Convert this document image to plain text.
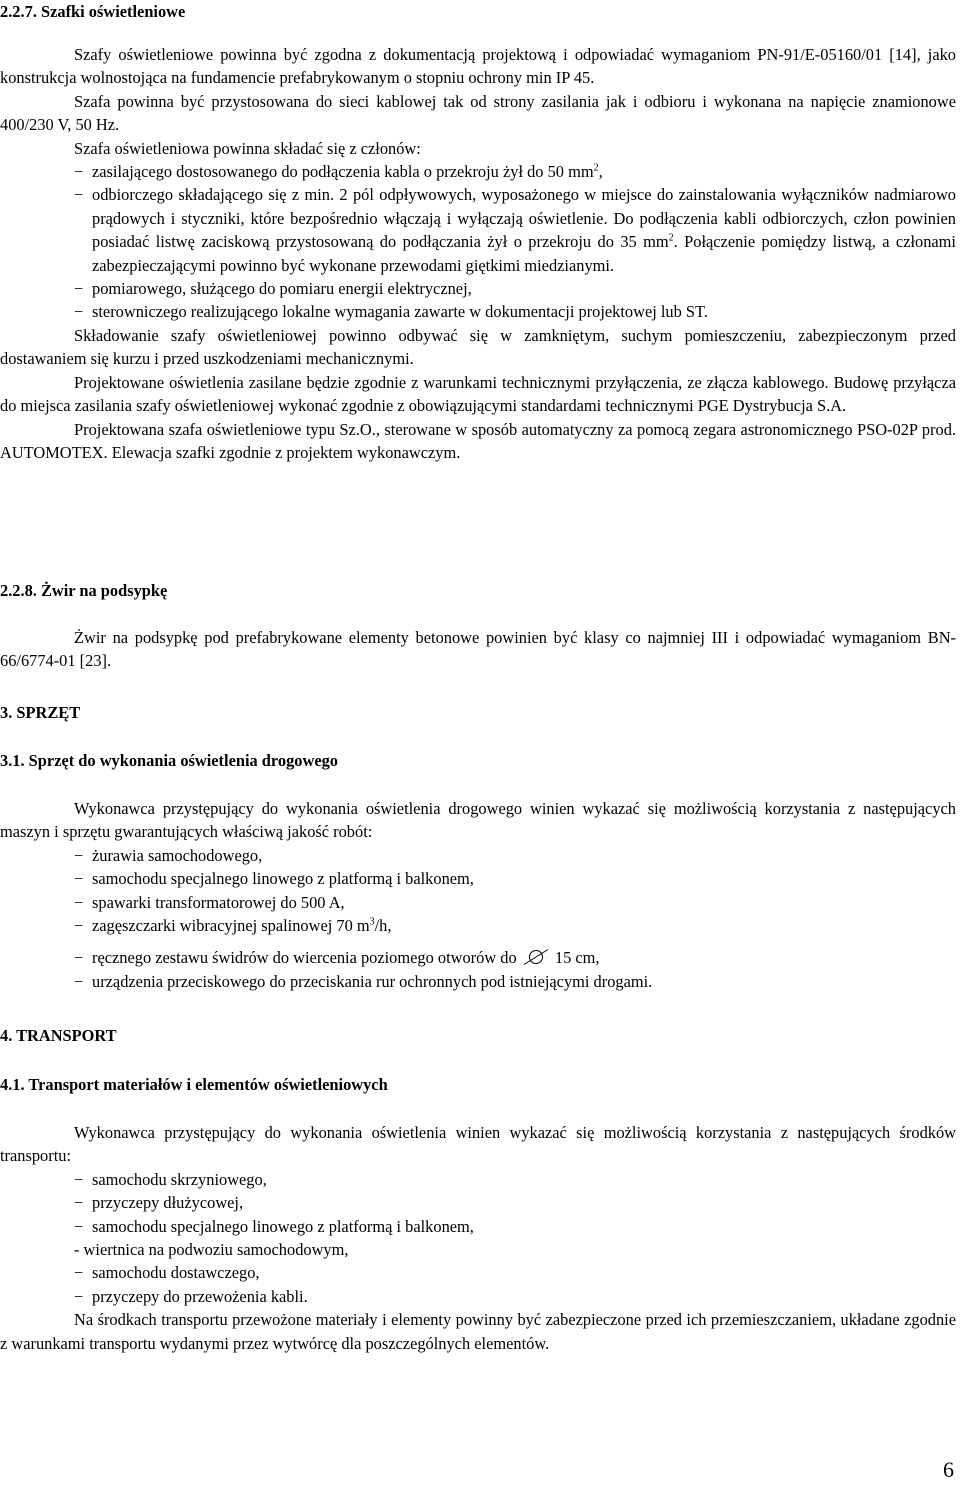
2.2.7. Szafki oświetleniowe

Szafy oświetleniowe powinna być zgodna z dokumentacją projektową i odpowiadać wymaganiom PN-91/E-05160/01 [14], jako konstrukcja wolnostojąca na fundamencie prefabrykowanym o stopniu ochrony min IP 45.

Szafa powinna być przystosowana do sieci kablowej tak od strony zasilania jak i odbioru i wykonana na napięcie znamionowe 400/230 V, 50 Hz.

Szafa oświetleniowa powinna składać się z członów:

− zasilającego dostosowanego do podłączenia kabla o przekroju żył do 50 $mm^2$,
− odbiorczego składającego się z min. 2 pól odpływowych, wyposażonego w miejsce do zainstalowania wyłączników nadmiarowo prądowych i styczniki, które bezpośrednio włączają i wyłączają oświetlenie. Do podłączenia kabli odbiorczych, człon powinien posiadać listwę zaciskową przystosowaną do podłączania żył o przekroju do 35 $mm^2$. Połączenie pomiędzy listwą, a członami zabezpieczającymi powinno być wykonane przewodami giętkimi miedzianymi.
− pomiarowego, służącego do pomiaru energii elektrycznej,
− sterowniczego realizującego lokalne wymagania zawarte w dokumentacji projektowej lub ST.

Składowanie szafy oświetleniowej powinno odbywać się w zamkniętym, suchym pomieszczeniu, zabezpieczonym przed dostawaniem się kurzu i przed uszkodzeniami mechanicznymi.

Projektowane oświetlenia zasilane będzie zgodnie z warunkami technicznymi przyłączenia, ze złącza kablowego. Budowę przyłącza do miejsca zasilania szafy oświetleniowej wykonać zgodnie z obowiązującymi standardami technicznymi PGE Dystrybucja S.A.

Projektowana szafa oświetleniowe typu Sz.O., sterowane w sposób automatyczny za pomocą zegara astronomicznego PSO-02P prod. AUTOMOTEX. Elewacja szafki zgodnie z projektem wykonawczym.

2.2.8. Żwir na podsypkę

Żwir na podsypkę pod prefabrykowane elementy betonowe powinien być klasy co najmniej III i odpowiadać wymaganiom BN-66/6774-01 [23].

3. SPRZĘT

3.1. Sprzęt do wykonania oświetlenia drogowego

Wykonawca przystępujący do wykonania oświetlenia drogowego winien wykazać się możliwością korzystania z następujących maszyn i sprzętu gwarantujących właściwą jakość robót:

− żurawia samochodowego,
− samochodu specjalnego linowego z platformą i balkonem,
− spawarki transformatorowej do 500 A,
− zagęszczarki wibracyjnej spalinowej 70 $m^3/h$,
− ręcznego zestawu świdrów do wiercenia poziomego otworów do 15 cm,
− urządzenia przeciskowego do przeciskania rur ochronnych pod istniejącymi drogami.

4. TRANSPORT

4.1. Transport materiałów i elementów oświetleniowych

Wykonawca przystępujący do wykonania oświetlenia winien wykazać się możliwością korzystania z następujących środków transportu:

− samochodu skrzyniowego,
− przyczepy dłużycowej,
− samochodu specjalnego linowego z platformą i balkonem,
- wiertnica na podwoziu samochodowym,
− samochodu dostawczego,
− przyczepy do przewożenia kabli.

Na środkach transportu przewożone materiały i elementy powinny być zabezpieczone przed ich przemieszczaniem, układane zgodnie z warunkami transportu wydanymi przez wytwórcę dla poszczególnych elementów.

6
